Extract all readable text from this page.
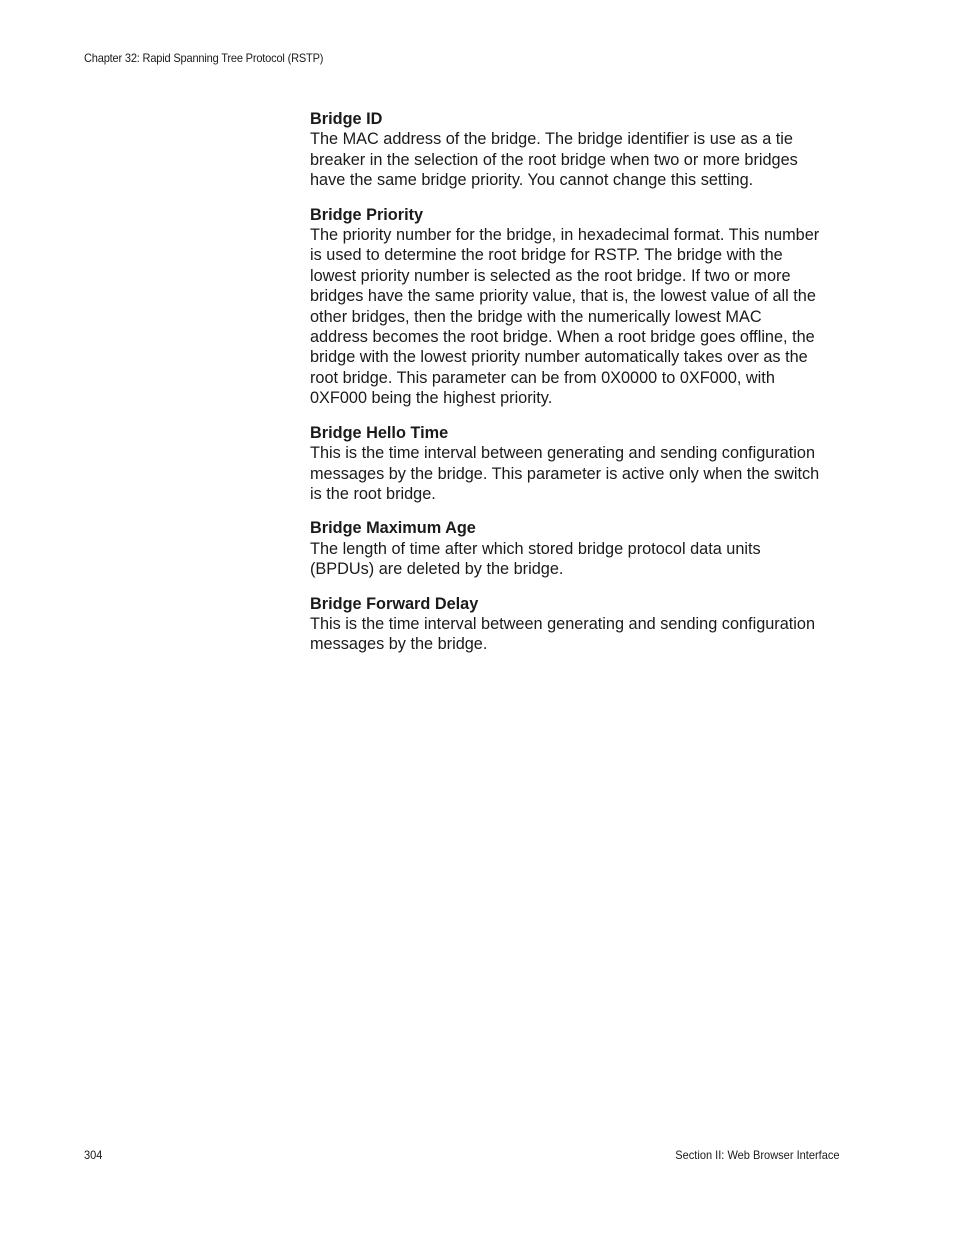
Chapter 32: Rapid Spanning Tree Protocol (RSTP)

Bridge ID

The MAC address of the bridge. The bridge identifier is use as a tie
breaker in the selection of the root bridge when two or more bridges
have the same bridge priority. You cannot change this setting.

Bridge Priority

The priority number for the bridge, in hexadecimal format. This number
is used to determine the root bridge for RSTP. The bridge with the
lowest priority number is selected as the root bridge. If two or more
bridges have the same priority value, that is, the lowest value of all the
other bridges, then the bridge with the numerically lowest MAC
address becomes the root bridge. When a root bridge goes offline, the
bridge with the lowest priority number automatically takes over as the
root bridge. This parameter can be from 0X0000 to 0XF000, with
0XF000 being the highest priority.

Bridge Hello Time

This is the time interval between generating and sending configuration
messages by the bridge. This parameter is active only when the switch
is the root bridge.

Bridge Maximum Age

The length of time after which stored bridge protocol data units
(BPDUs) are deleted by the bridge.

Bridge Forward Delay

This is the time interval between generating and sending configuration
messages by the bridge.
304	Section II: Web Browser Interface
